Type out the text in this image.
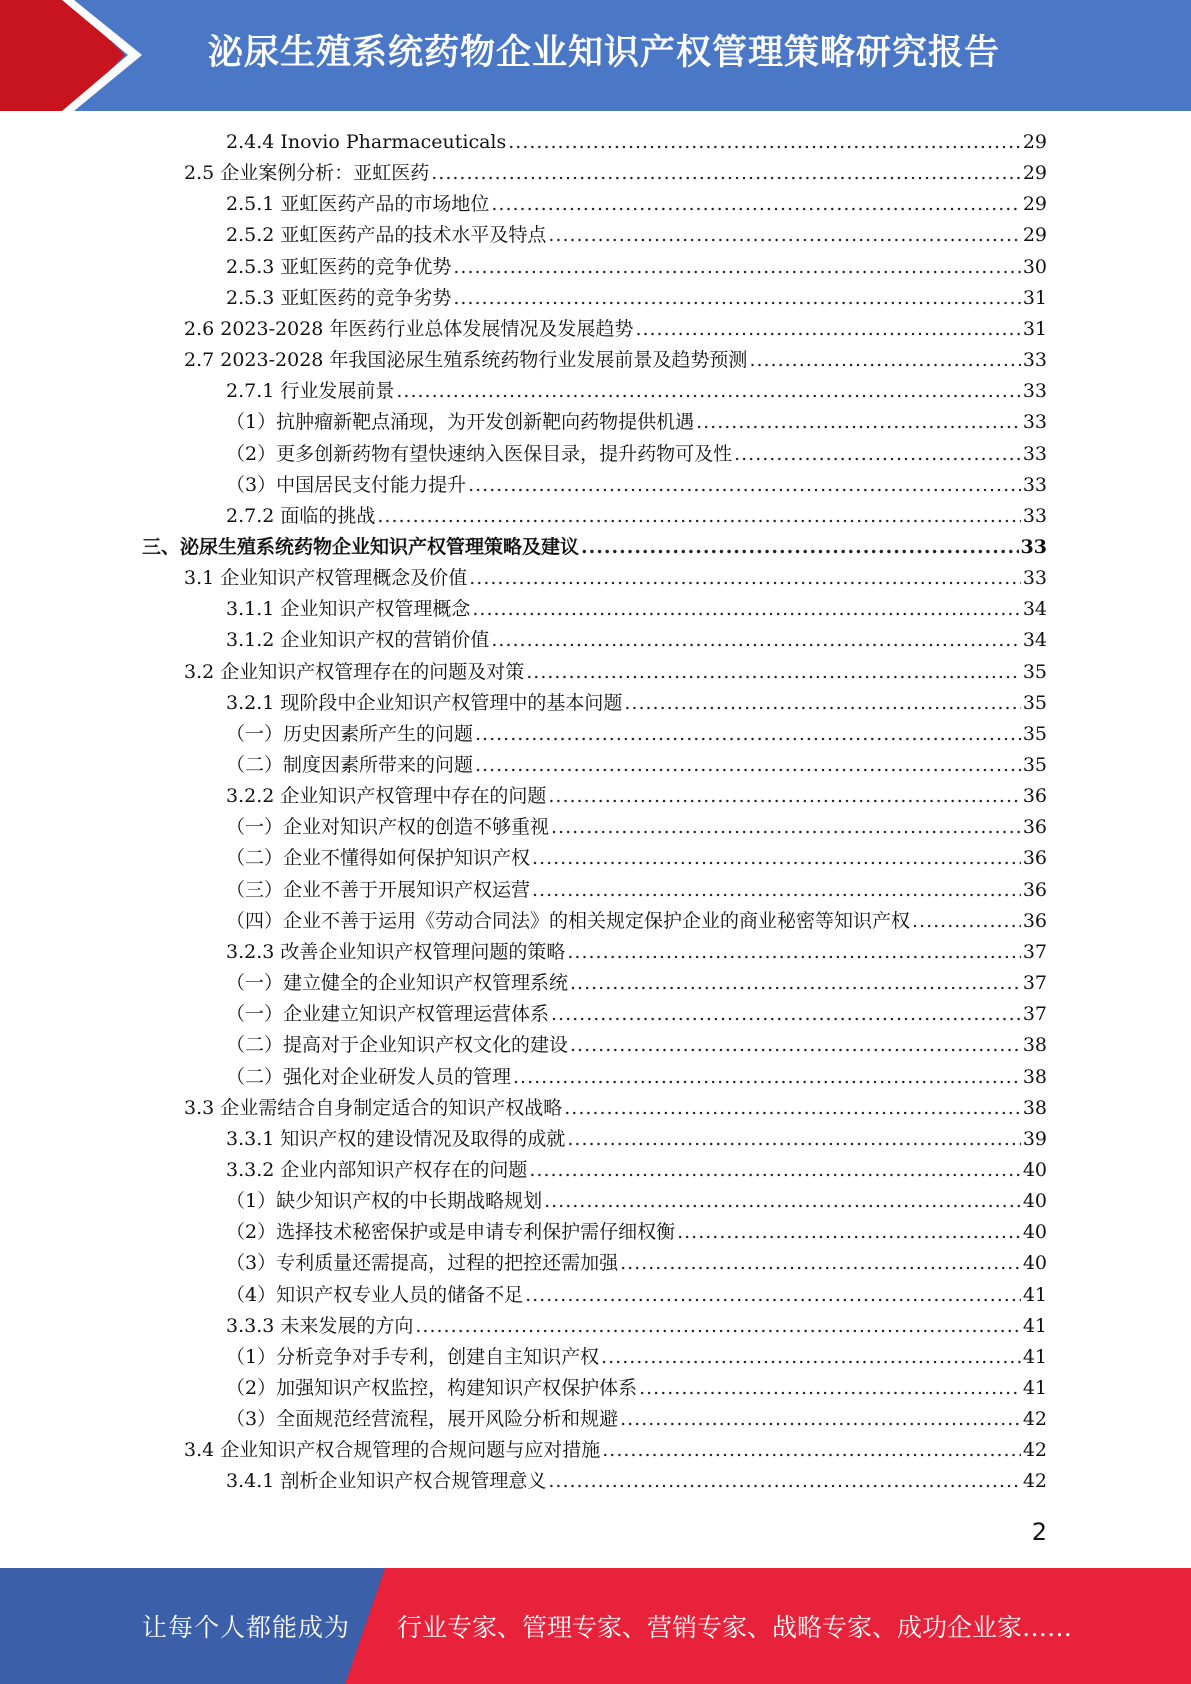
泌尿生殖系统药物企业知识产权管理策略研究报告
2.4.4 Inovio Pharmaceuticals .....	29
2.5 企业案例分析：亚虹医药 .....	29
2.5.1 亚虹医药产品的市场地位 .....	29
2.5.2 亚虹医药产品的技术水平及特点 .....	29
2.5.3 亚虹医药的竞争优势 .....	30
2.5.3 亚虹医药的竞争劣势 .....	31
2.6 2023-2028 年医药行业总体发展情况及发展趋势 .....	31
2.7 2023-2028 年我国泌尿生殖系统药物行业发展前景及趋势预测 .....	33
2.7.1 行业发展前景 .....	33
（1）抗肿瘤新靶点涌现，为开发创新靶向药物提供机遇 .....	33
（2）更多创新药物有望快速纳入医保目录，提升药物可及性 .....	33
（3）中国居民支付能力提升 .....	33
2.7.2 面临的挑战 .....	33
三、泌尿生殖系统药物企业知识产权管理策略及建议 .....	33
3.1 企业知识产权管理概念及价值 .....	33
3.1.1 企业知识产权管理概念 .....	34
3.1.2 企业知识产权的营销价值 .....	34
3.2 企业知识产权管理存在的问题及对策 .....	35
3.2.1 现阶段中企业知识产权管理中的基本问题 .....	35
（一）历史因素所产生的问题 .....	35
（二）制度因素所带来的问题 .....	35
3.2.2 企业知识产权管理中存在的问题 .....	36
（一）企业对知识产权的创造不够重视 .....	36
（二）企业不懂得如何保护知识产权 .....	36
（三）企业不善于开展知识产权运营 .....	36
（四）企业不善于运用《劳动合同法》的相关规定保护企业的商业秘密等知识产权 .....	36
3.2.3 改善企业知识产权管理问题的策略 .....	37
（一）建立健全的企业知识产权管理系统 .....	37
（一）企业建立知识产权管理运营体系 .....	37
（二）提高对于企业知识产权文化的建设 .....	38
（二）强化对企业研发人员的管理 .....	38
3.3 企业需结合自身制定适合的知识产权战略 .....	38
3.3.1 知识产权的建设情况及取得的成就 .....	39
3.3.2 企业内部知识产权存在的问题 .....	40
（1）缺少知识产权的中长期战略规划 .....	40
（2）选择技术秘密保护或是申请专利保护需仔细权衡 .....	40
（3）专利质量还需提高，过程的把控还需加强 .....	40
（4）知识产权专业人员的储备不足 .....	41
3.3.3 未来发展的方向 .....	41
（1）分析竞争对手专利，创建自主知识产权 .....	41
（2）加强知识产权监控，构建知识产权保护体系 .....	41
（3）全面规范经营流程，展开风险分析和规避 .....	42
3.4 企业知识产权合规管理的合规问题与应对措施 .....	42
3.4.1 剖析企业知识产权合规管理意义 .....	42
2
让每个人都能成为 行业专家、管理专家、营销专家、战略专家、成功企业家……
